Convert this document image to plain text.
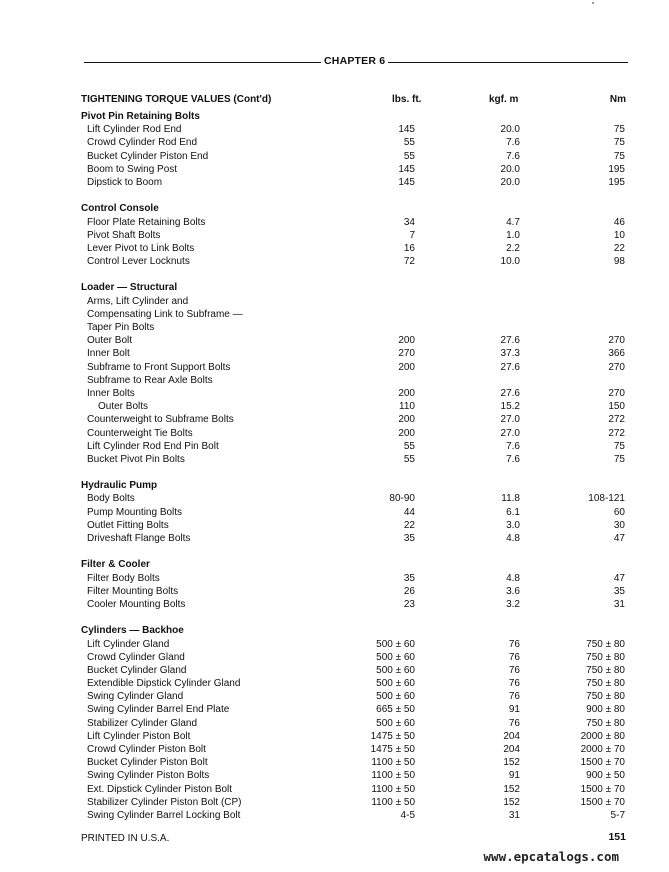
CHAPTER 6
TIGHTENING TORQUE VALUES (Cont'd)	lbs. ft.	kgf. m	Nm
Pivot Pin Retaining Bolts
Lift Cylinder Rod End	145	20.0	75
Crowd Cylinder Rod End	55	7.6	75
Bucket Cylinder Piston End	55	7.6	75
Boom to Swing Post	145	20.0	195
Dipstick to Boom	145	20.0	195
Control Console
Floor Plate Retaining Bolts	34	4.7	46
Pivot Shaft Bolts	7	1.0	10
Lever Pivot to Link Bolts	16	2.2	22
Control Lever Locknuts	72	10.0	98
Loader — Structural
Arms, Lift Cylinder and
Compensating Link to Subframe —
Taper Pin Bolts
Outer Bolt	200	27.6	270
Inner Bolt	270	37.3	366
Subframe to Front Support Bolts	200	27.6	270
Subframe to Rear Axle Bolts
Inner Bolts	200	27.6	270
Outer Bolts	110	15.2	150
Counterweight to Subframe Bolts	200	27.0	272
Counterweight Tie Bolts	200	27.0	272
Lift Cylinder Rod End Pin Bolt	55	7.6	75
Bucket Pivot Pin Bolts	55	7.6	75
Hydraulic Pump
Body Bolts	80-90	11.8	108-121
Pump Mounting Bolts	44	6.1	60
Outlet Fitting Bolts	22	3.0	30
Driveshaft Flange Bolts	35	4.8	47
Filter & Cooler
Filter Body Bolts	35	4.8	47
Filter Mounting Bolts	26	3.6	35
Cooler Mounting Bolts	23	3.2	31
Cylinders — Backhoe
Lift Cylinder Gland	500 ± 60	76	750 ± 80
Crowd Cylinder Gland	500 ± 60	76	750 ± 80
Bucket Cylinder Gland	500 ± 60	76	750 ± 80
Extendible Dipstick Cylinder Gland	500 ± 60	76	750 ± 80
Swing Cylinder Gland	500 ± 60	76	750 ± 80
Swing Cylinder Barrel End Plate	665 ± 50	91	900 ± 80
Stabilizer Cylinder Gland	500 ± 60	76	750 ± 80
Lift Cylinder Piston Bolt	1475 ± 50	204	2000 ± 80
Crowd Cylinder Piston Bolt	1475 ± 50	204	2000 ± 70
Bucket Cylinder Piston Bolt	1100 ± 50	152	1500 ± 70
Swing Cylinder Piston Bolts	1100 ± 50	91	900 ± 50
Ext. Dipstick Cylinder Piston Bolt	1100 ± 50	152	1500 ± 70
Stabilizer Cylinder Piston Bolt (CP)	1100 ± 50	152	1500 ± 70
Swing Cylinder Barrel Locking Bolt	4-5	31	5-7
PRINTED IN U.S.A.	151
www.epcatalogs.com
